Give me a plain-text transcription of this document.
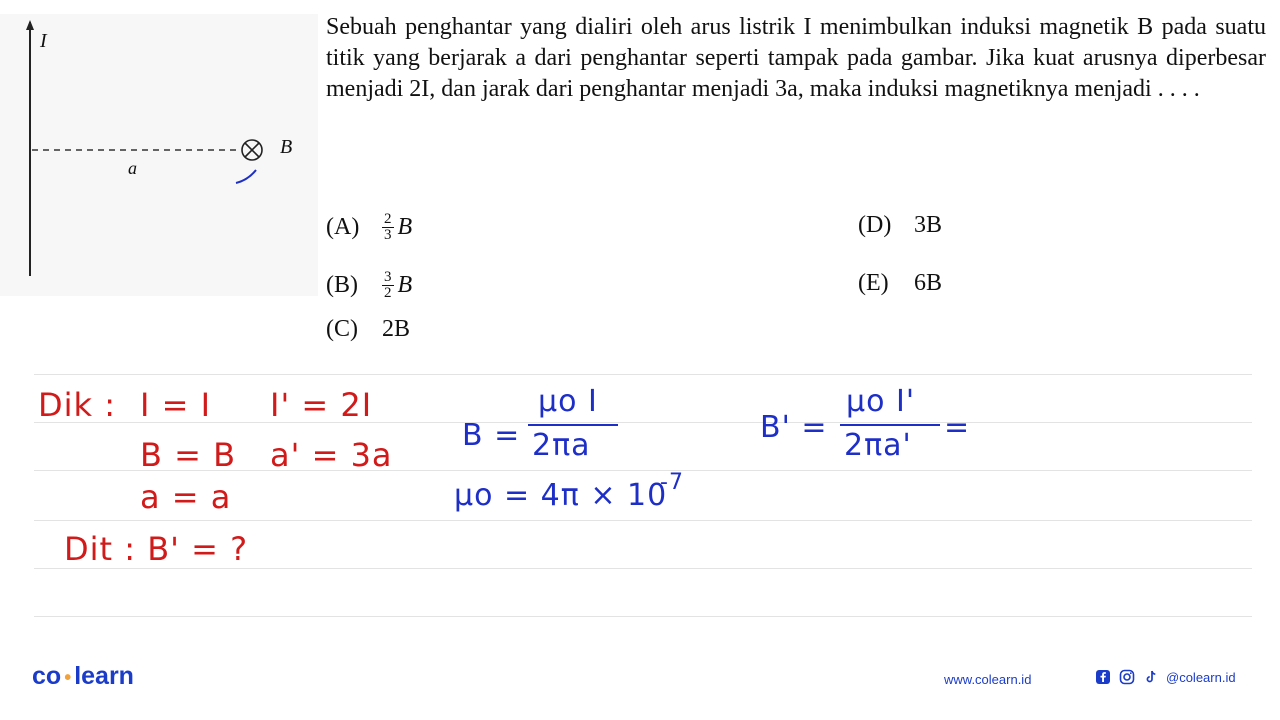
I
B
a

Sebuah penghantar yang dialiri oleh arus listrik I menimbulkan induksi magnetik B pada suatu titik yang berjarak a dari penghantar seperti tampak pada gambar. Jika kuat arusnya diperbesar menjadi 2I, dan jarak dari penghantar menjadi 3a, maka induksi magnetiknya menjadi . . . .

(A)	$\frac{2}{3}$ B
(B)	$\frac{3}{2}$ B
(C)	2B
(D) 3B
(E)	6B
Dik : I = I I' = 2I
B = B a' = 3a
a = a
Dit : B' = ?
B =
μo I
2πa
μo = 4π × 10
-7
B' =
μo I'
2πa'
=
co • learn	www.colearn.id	@colearn.id
